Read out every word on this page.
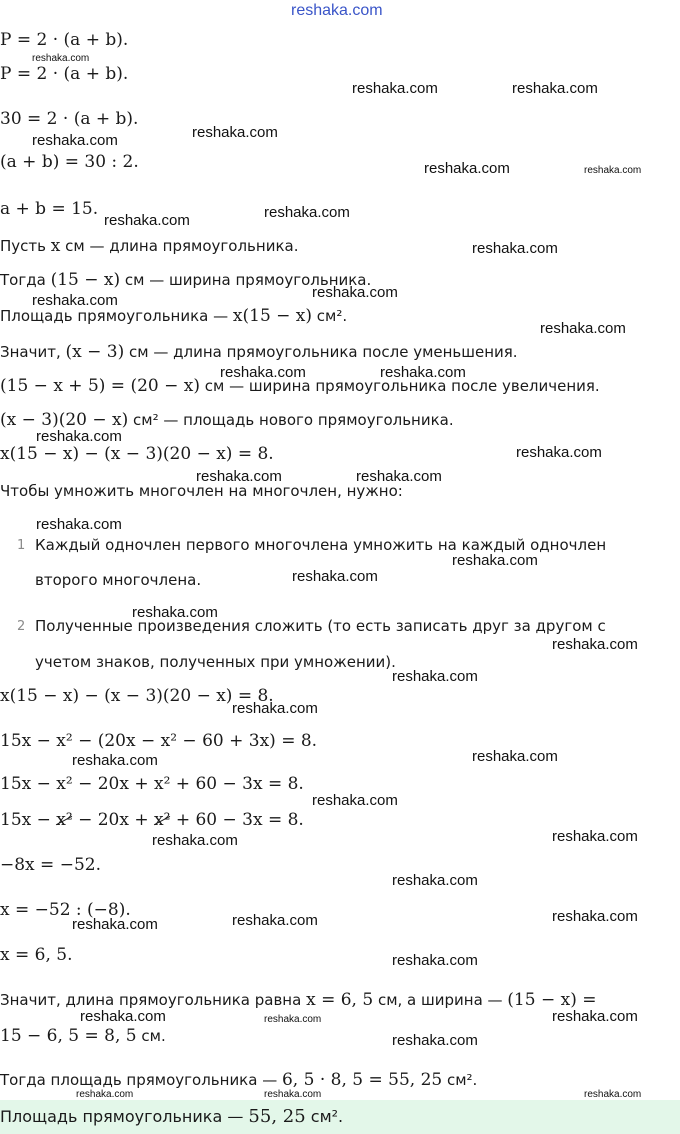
reshaka.com
P = 2 · (a + b).
P = 2 · (a + b).
30 = 2 · (a + b).
(a + b) = 30 : 2.
a + b = 15.
Пусть x см — длина прямоугольника.
Тогда (15 − x) см — ширина прямоугольника.
Площадь прямоугольника — x(15 − x) см².
Значит, (x − 3) см — длина прямоугольника после уменьшения.
(15 − x + 5) = (20 − x) см — ширина прямоугольника после увеличения.
(x − 3)(20 − x) см² — площадь нового прямоугольника.
x(15 − x) − (x − 3)(20 − x) = 8.
Чтобы умножить многочлен на многочлен, нужно:
1 Каждый одночлен первого многочлена умножить на каждый одночлен
второго многочлена.
2 Полученные произведения сложить (то есть записать друг за другом с
учетом знаков, полученных при умножении).
x(15 − x) − (x − 3)(20 − x) = 8.
15x − x² − (20x − x² − 60 + 3x) = 8.
15x − x² − 20x + x² + 60 − 3x = 8.
15x − x² − 20x + x² + 60 − 3x = 8.
−8x = −52.
x = −52 : (−8).
x = 6, 5.
Значит, длина прямоугольника равна x = 6, 5 см, а ширина — (15 − x) =
15 − 6, 5 = 8, 5 см.
Тогда площадь прямоугольника — 6, 5 · 8, 5 = 55, 25 см².
Площадь прямоугольника — 55, 25 см².
reshaka.com
reshaka.com	reshaka.com
reshaka.com
reshaka.com
reshaka.com	reshaka.com
reshaka.com
reshaka.com
reshaka.com
reshaka.com
reshaka.com
reshaka.com
reshaka.com	reshaka.com
reshaka.com
reshaka.com
reshaka.com	reshaka.com
reshaka.com
reshaka.com
reshaka.com
reshaka.com
reshaka.com
reshaka.com
reshaka.com
reshaka.com
reshaka.com
reshaka.com
reshaka.com
reshaka.com
reshaka.com
reshaka.com
reshaka.com
reshaka.com
reshaka.com
reshaka.com	reshaka.com	reshaka.com
reshaka.com
reshaka.com	reshaka.com	reshaka.com
